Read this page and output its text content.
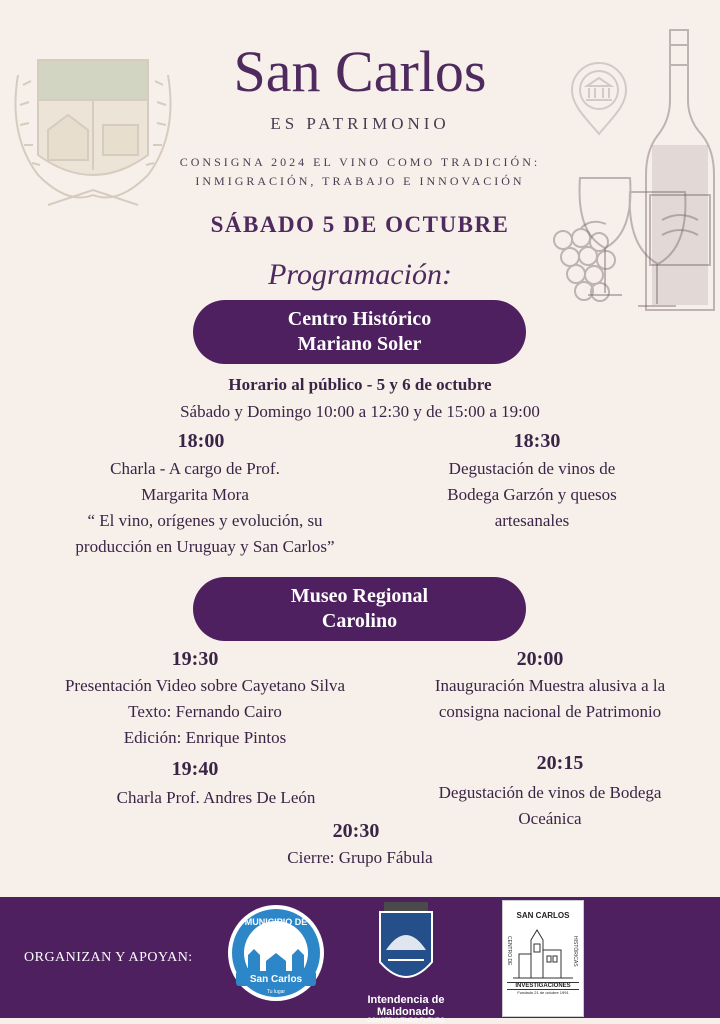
San Carlos
ES PATRIMONIO
CONSIGNA 2024 EL VINO COMO TRADICIÓN:
INMIGRACIÓN, TRABAJO E INNOVACIÓN
SÁBADO 5 DE OCTUBRE
Programación:
Centro Histórico
Mariano Soler
Horario al público - 5 y 6 de octubre
Sábado y Domingo 10:00 a 12:30 y de 15:00 a 19:00
18:00
Charla - A cargo de Prof.
Margarita Mora
“ El vino, orígenes y evolución, su
producción en Uruguay y San Carlos”
18:30
Degustación de vinos de
Bodega Garzón y quesos
artesanales
Museo Regional
Carolino
19:30
Presentación Video sobre Cayetano Silva
Texto: Fernando Cairo
Edición: Enrique Pintos
20:00
Inauguración Muestra alusiva a la
consigna nacional de Patrimonio
19:40
Charla Prof. Andres De León
20:15
Degustación de vinos de Bodega
Oceánica
20:30
Cierre: Grupo Fábula
ORGANIZAN Y APOYAN:
MUNICIPIO DE
San Carlos
Tu lugar
Intendencia de Maldonado
CONSTRUYENDO FUTURO
SAN CARLOS
CENTRO DE	HISTÓRICAS
INVESTIGACIONES
Fundado 21 de octubre 1991
